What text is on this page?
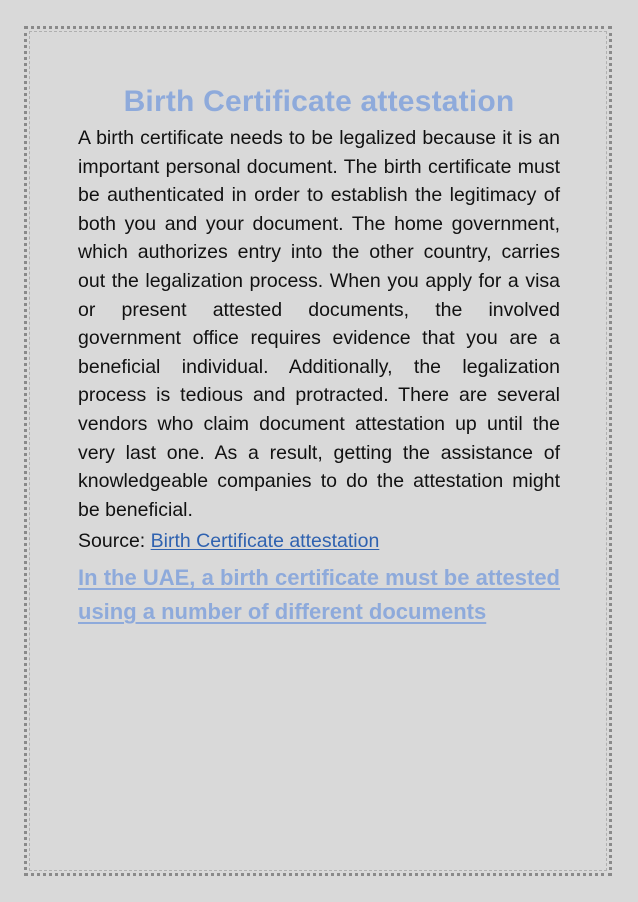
Birth Certificate attestation

A birth certificate needs to be legalized because it is an important personal document. The birth certificate must be authenticated in order to establish the legitimacy of both you and your document. The home government, which authorizes entry into the other country, carries out the legalization process. When you apply for a visa or present attested documents, the involved government office requires evidence that you are a beneficial individual. Additionally, the legalization process is tedious and protracted. There are several vendors who claim document attestation up until the very last one. As a result, getting the assistance of knowledgeable companies to do the attestation might be beneficial.

Source: Birth Certificate attestation

In the UAE, a birth certificate must be attested using a number of different documents
